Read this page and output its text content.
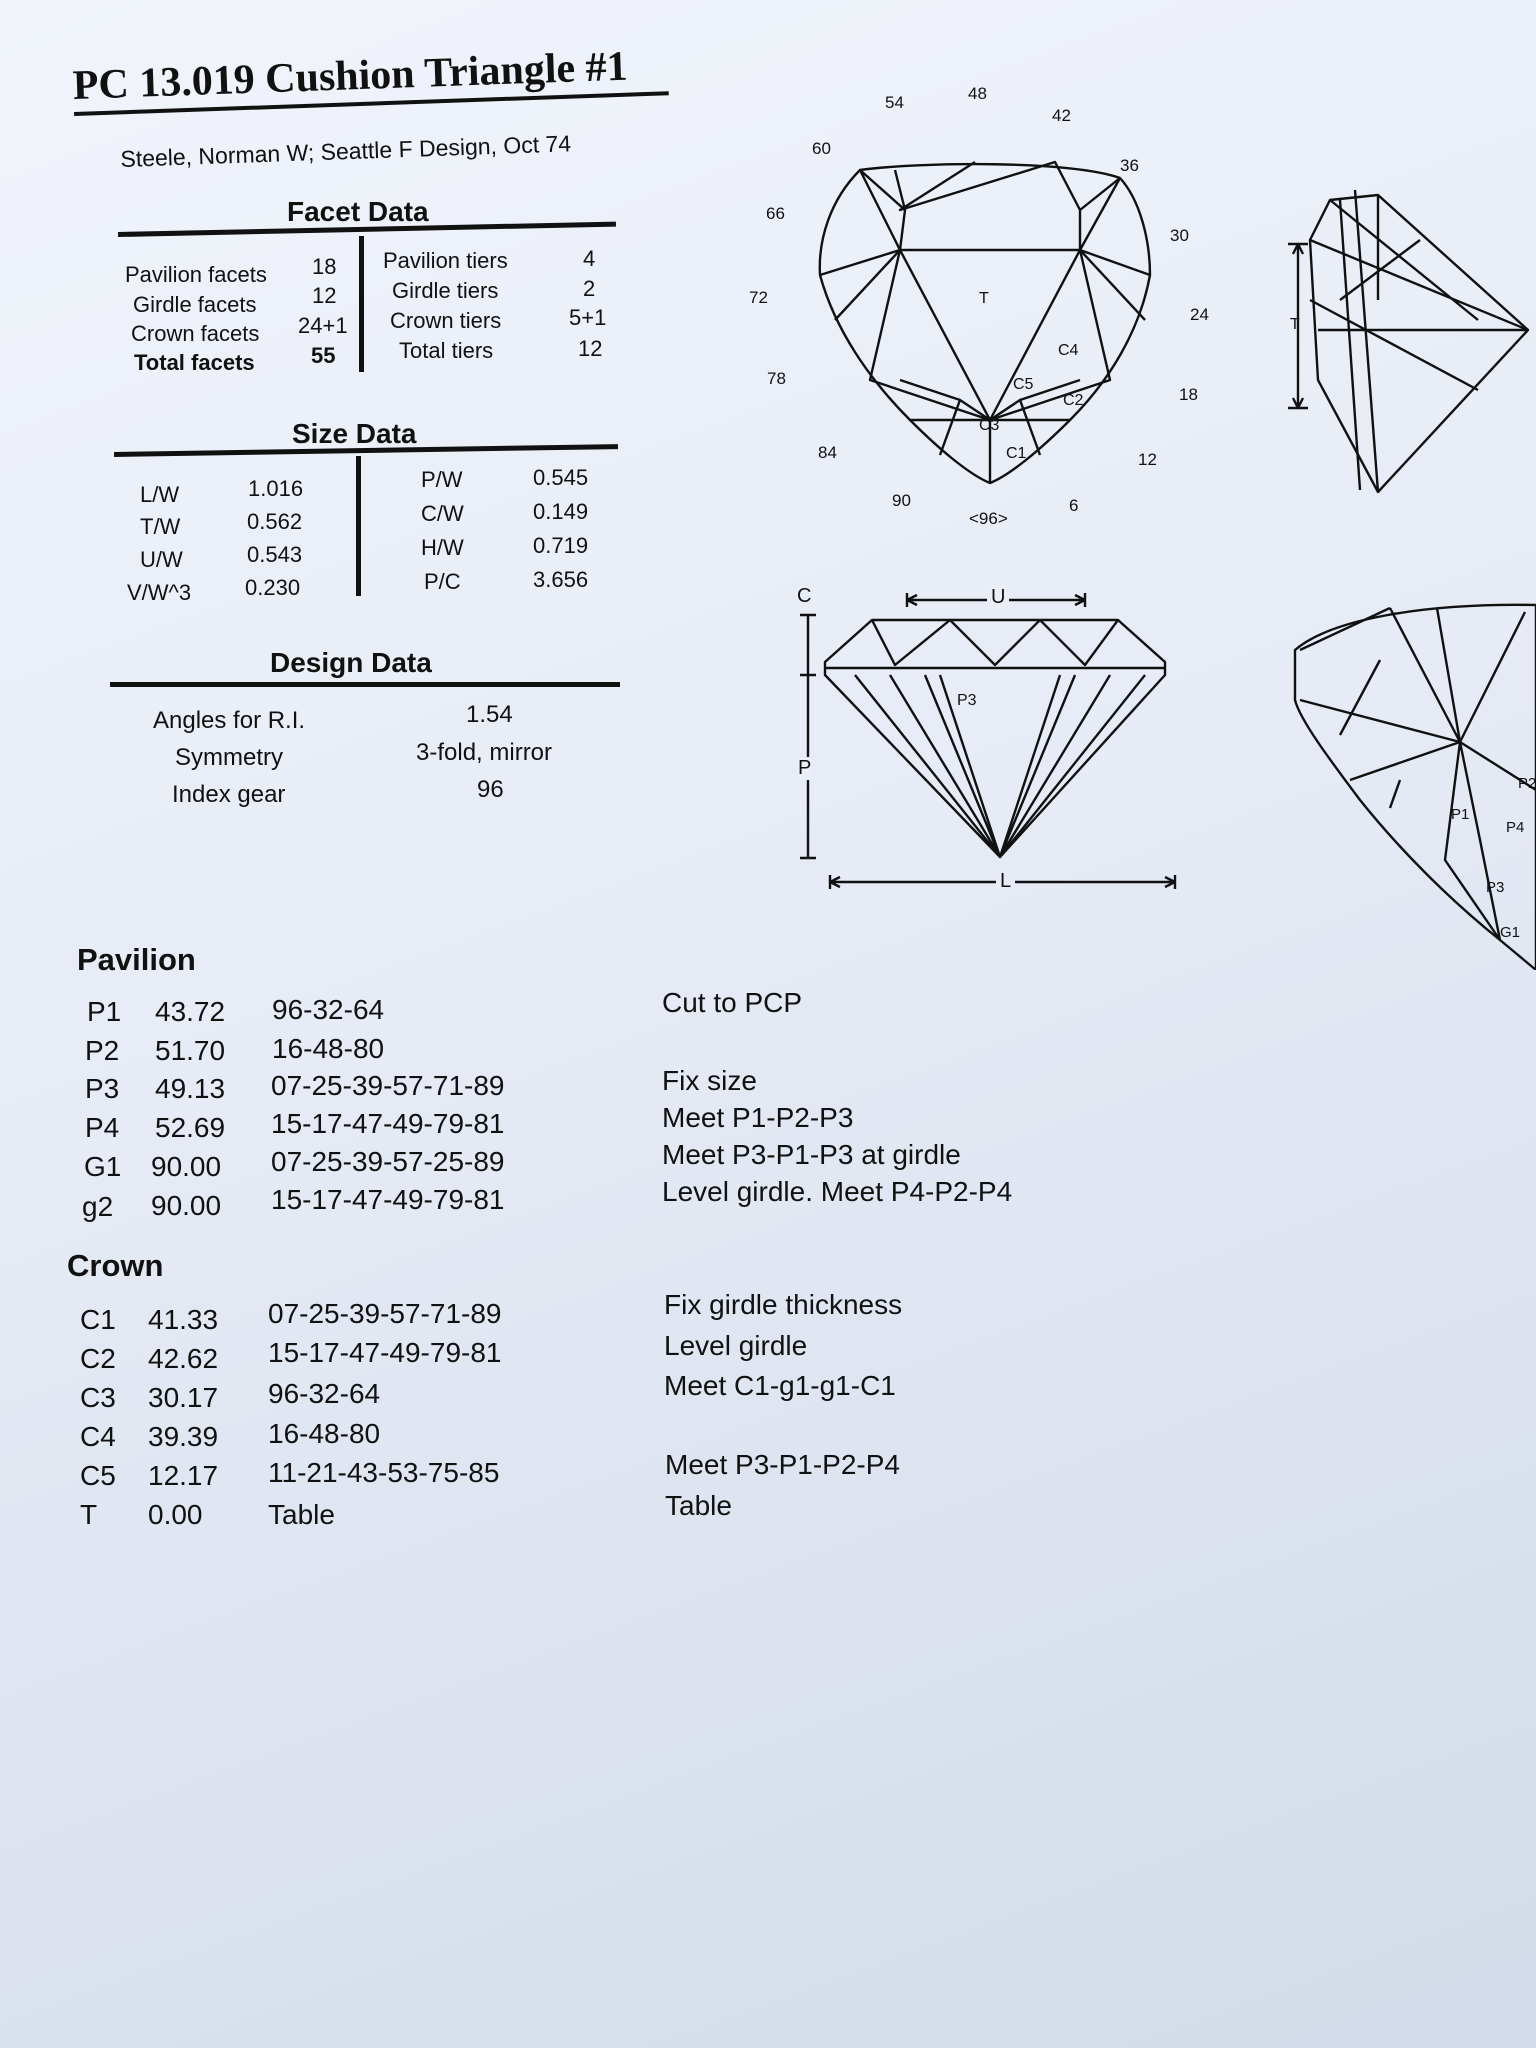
PC 13.019 Cushion Triangle #1
Steele, Norman W; Seattle F Design, Oct 74
Facet Data
Pavilion facets 18
Girdle facets	12
Crown facets 24+1
Total facets	55
Pavilion tiers	4
Girdle tiers	2
Crown tiers	5+1
Total tiers	12
Size Data
L/W	1.016
T/W	0.562
U/W	0.543
V/W^3 0.230
P/W	0.545
C/W	0.149
H/W	0.719
P/C	3.656
Design Data
Angles for R.I.	1.54
Symmetry	3-fold, mirror
Index gear	96
48
54
42
60
36
66
30
72
24
78
18
84	12
90	6
<96>
T
C4
C5
C2
C3
C1
T
C	U
P
L
P3
P2
P1
P4
P3
G1
Pavilion
P1 43.72 96-32-64
P2 51.70 16-48-80
P3 49.13 07-25-39-57-71-89
P4 52.69 15-17-47-49-79-81
G1 90.00 07-25-39-57-25-89
g2 90.00 15-17-47-49-79-81
Cut to PCP
Fix size
Meet P1-P2-P3
Meet P3-P1-P3 at girdle
Level girdle. Meet P4-P2-P4
Crown
C1 41.33 07-25-39-57-71-89
C2 42.62 15-17-47-49-79-81
C3 30.17 96-32-64
C4 39.39 16-48-80
C5 12.17 11-21-43-53-75-85
T 0.00 Table
Fix girdle thickness
Level girdle
Meet C1-g1-g1-C1
Meet P3-P1-P2-P4
Table
